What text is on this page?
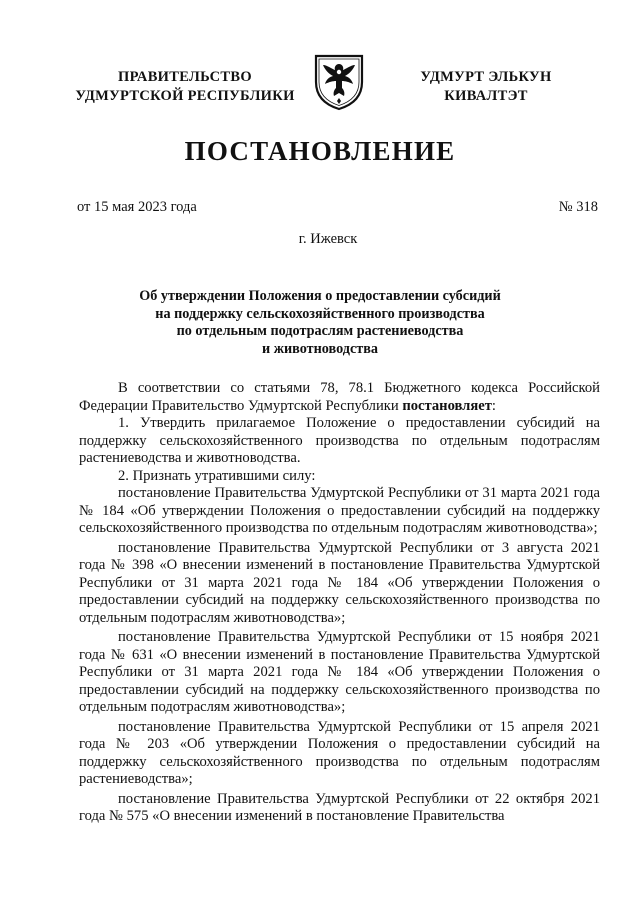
ПРАВИТЕЛЬСТВО
УДМУРТСКОЙ РЕСПУБЛИКИ
УДМУРТ ЭЛЬКУН
КИВАЛТЭТ
ПОСТАНОВЛЕНИЕ
от 15 мая 2023 года	№ 318
г. Ижевск
Об утверждении Положения о предоставлении субсидий
на поддержку сельскохозяйственного производства
по отдельным подотраслям растениеводства
и животноводства

В соответствии со статьями 78, 78.1 Бюджетного кодекса Российской Федерации Правительство Удмуртской Республики постановляет:

1. Утвердить прилагаемое Положение о предоставлении субсидий на поддержку сельскохозяйственного производства по отдельным подотраслям растениеводства и животноводства.

2. Признать утратившими силу:

постановление Правительства Удмуртской Республики от 31 марта 2021 года № 184 «Об утверждении Положения о предоставлении субсидий на поддержку сельскохозяйственного производства по отдельным подотраслям животноводства»;

постановление Правительства Удмуртской Республики от 3 августа 2021 года № 398 «О внесении изменений в постановление Правительства Удмуртской Республики от 31 марта 2021 года № 184 «Об утверждении Положения о предоставлении субсидий на поддержку сельскохозяйственного производства по отдельным подотраслям животноводства»;

постановление Правительства Удмуртской Республики от 15 ноября 2021 года № 631 «О внесении изменений в постановление Правительства Удмуртской Республики от 31 марта 2021 года № 184 «Об утверждении Положения о предоставлении субсидий на поддержку сельскохозяйственного производства по отдельным подотраслям животноводства»;

постановление Правительства Удмуртской Республики от 15 апреля 2021 года № 203 «Об утверждении Положения о предоставлении субсидий на поддержку сельскохозяйственного производства по отдельным подотраслям растениеводства»;

постановление Правительства Удмуртской Республики от 22 октября 2021 года № 575 «О внесении изменений в постановление Правительства
